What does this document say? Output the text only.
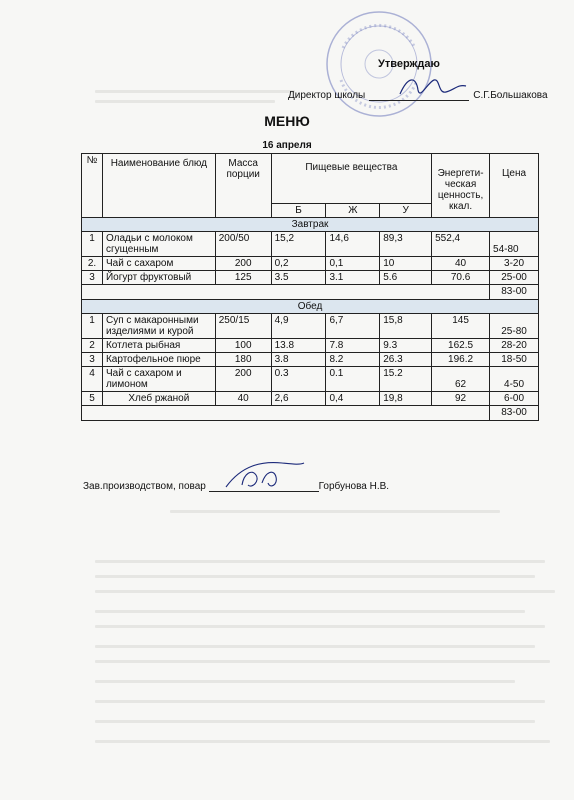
Утверждаю
Директор школы	С.Г.Большакова
МЕНЮ
16 апреля
№	Наименование блюд	Масса порции	Пищевые вещества			Энергети-ческая ценность, ккал.	Цена
			Б	Ж	У		
Завтрак							
1	Оладьи с молоком сгущенным	200/50	15,2	14,6	89,3	552,4	54-80
2.	Чай с сахаром	200	0,2	0,1	10	40	3-20
3	Йогурт фруктовый	125	3.5	3.1	5.6	70.6	25-00
							83-00
Обед							
1	Суп с макаронными изделиями и курой	250/15	4,9	6,7	15,8	145	25-80
2	Котлета рыбная	100	13.8	7.8	9.3	162.5	28-20
3	Картофельное пюре	180	3.8	8.2	26.3	196.2	18-50
4	Чай с сахаром и лимоном	200	0.3	0.1	15.2	62	4-50
5	Хлеб ржаной	40	2,6	0,4	19,8	92	6-00
							83-00
Зав.производством, повар	Горбунова Н.В.
